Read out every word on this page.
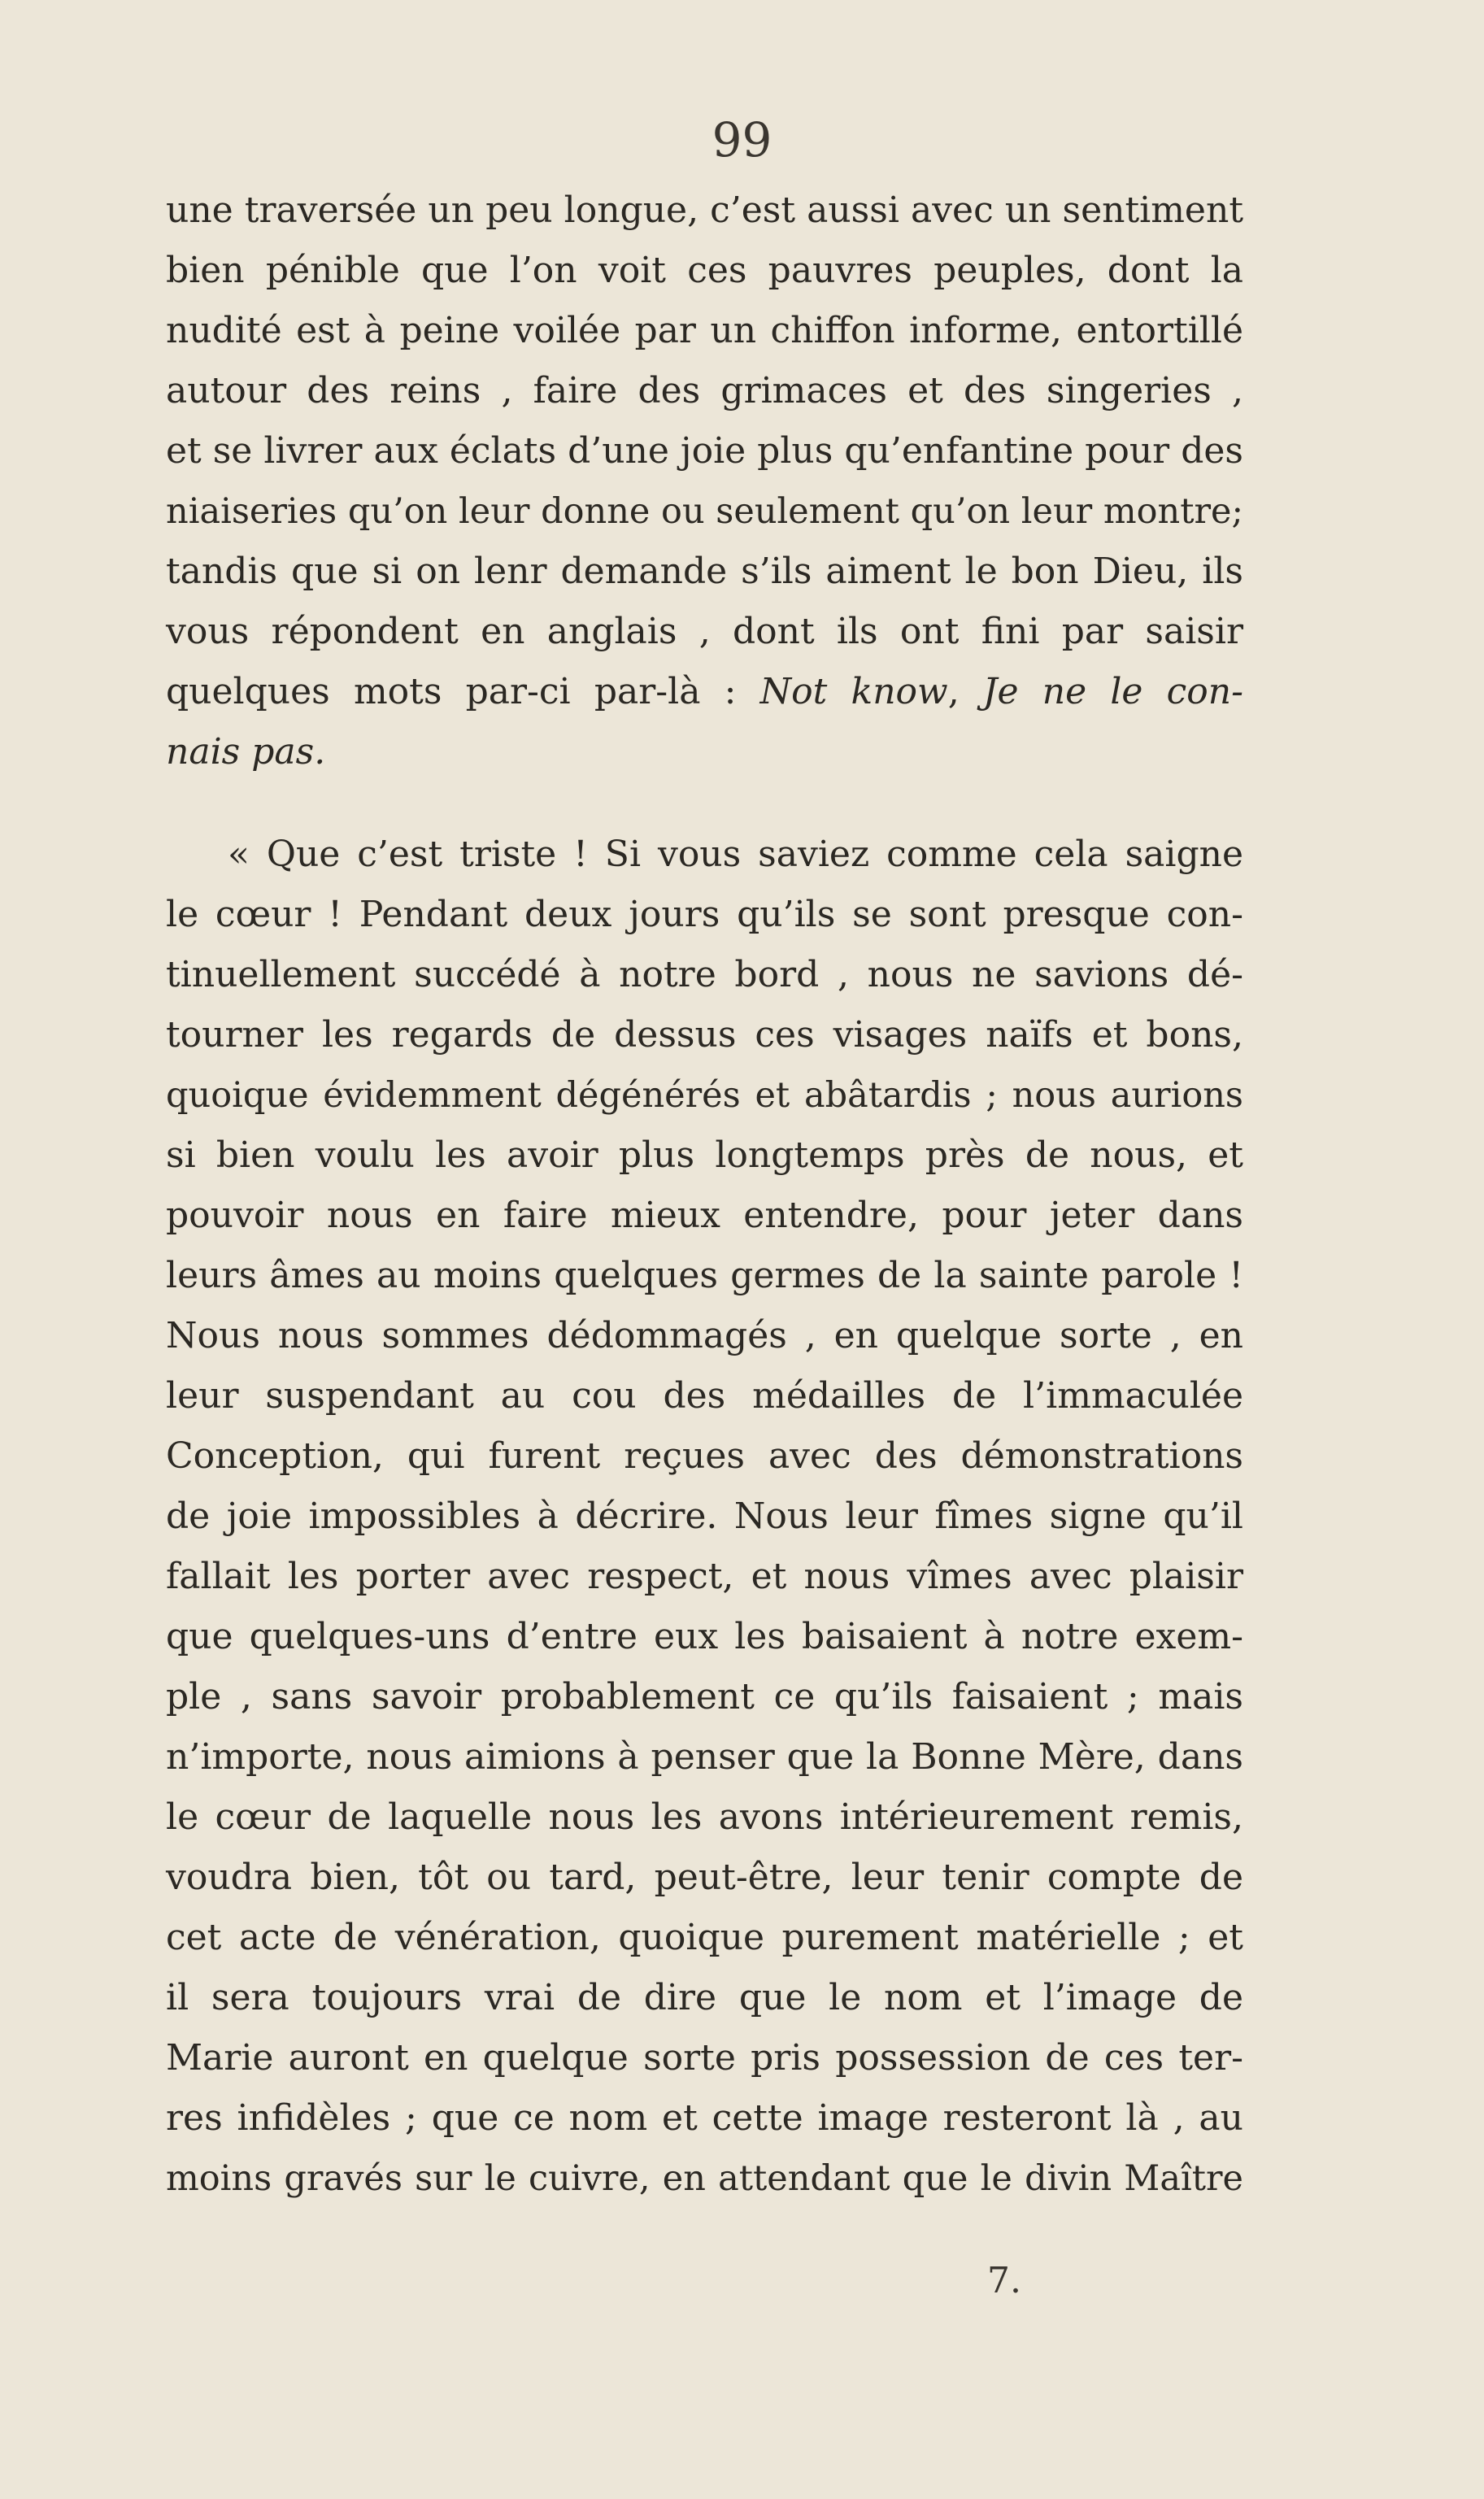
99
une traversée un peu longue, c’est aussi avec un sentiment
bien pénible que l’on voit ces pauvres peuples, dont la
nudité est à peine voilée par un chiffon informe, entortillé
autour des reins , faire des grimaces et des singeries ,
et se livrer aux éclats d’une joie plus qu’enfantine pour des
niaiseries qu’on leur donne ou seulement qu’on leur montre;
tandis que si on lenr demande s’ils aiment le bon Dieu, ils
vous répondent en anglais , dont ils ont fini par saisir
quelques mots par-ci par-là : Not know, Je ne le con-
nais pas.
« Que c’est triste ! Si vous saviez comme cela saigne
le cœur ! Pendant deux jours qu’ils se sont presque con-
tinuellement succédé à notre bord , nous ne savions dé-
tourner les regards de dessus ces visages naïfs et bons,
quoique évidemment dégénérés et abâtardis ; nous aurions
si bien voulu les avoir plus longtemps près de nous, et
pouvoir nous en faire mieux entendre, pour jeter dans
leurs âmes au moins quelques germes de la sainte parole !
Nous nous sommes dédommagés , en quelque sorte , en
leur suspendant au cou des médailles de l’immaculée
Conception, qui furent reçues avec des démonstrations
de joie impossibles à décrire. Nous leur fîmes signe qu’il
fallait les porter avec respect, et nous vîmes avec plaisir
que quelques-uns d’entre eux les baisaient à notre exem-
ple , sans savoir probablement ce qu’ils faisaient ; mais
n’importe, nous aimions à penser que la Bonne Mère, dans
le cœur de laquelle nous les avons intérieurement remis,
voudra bien, tôt ou tard, peut-être, leur tenir compte de
cet acte de vénération, quoique purement matérielle ; et
il sera toujours vrai de dire que le nom et l’image de
Marie auront en quelque sorte pris possession de ces ter-
res infidèles ; que ce nom et cette image resteront là , au
moins gravés sur le cuivre, en attendant que le divin Maître
7.
